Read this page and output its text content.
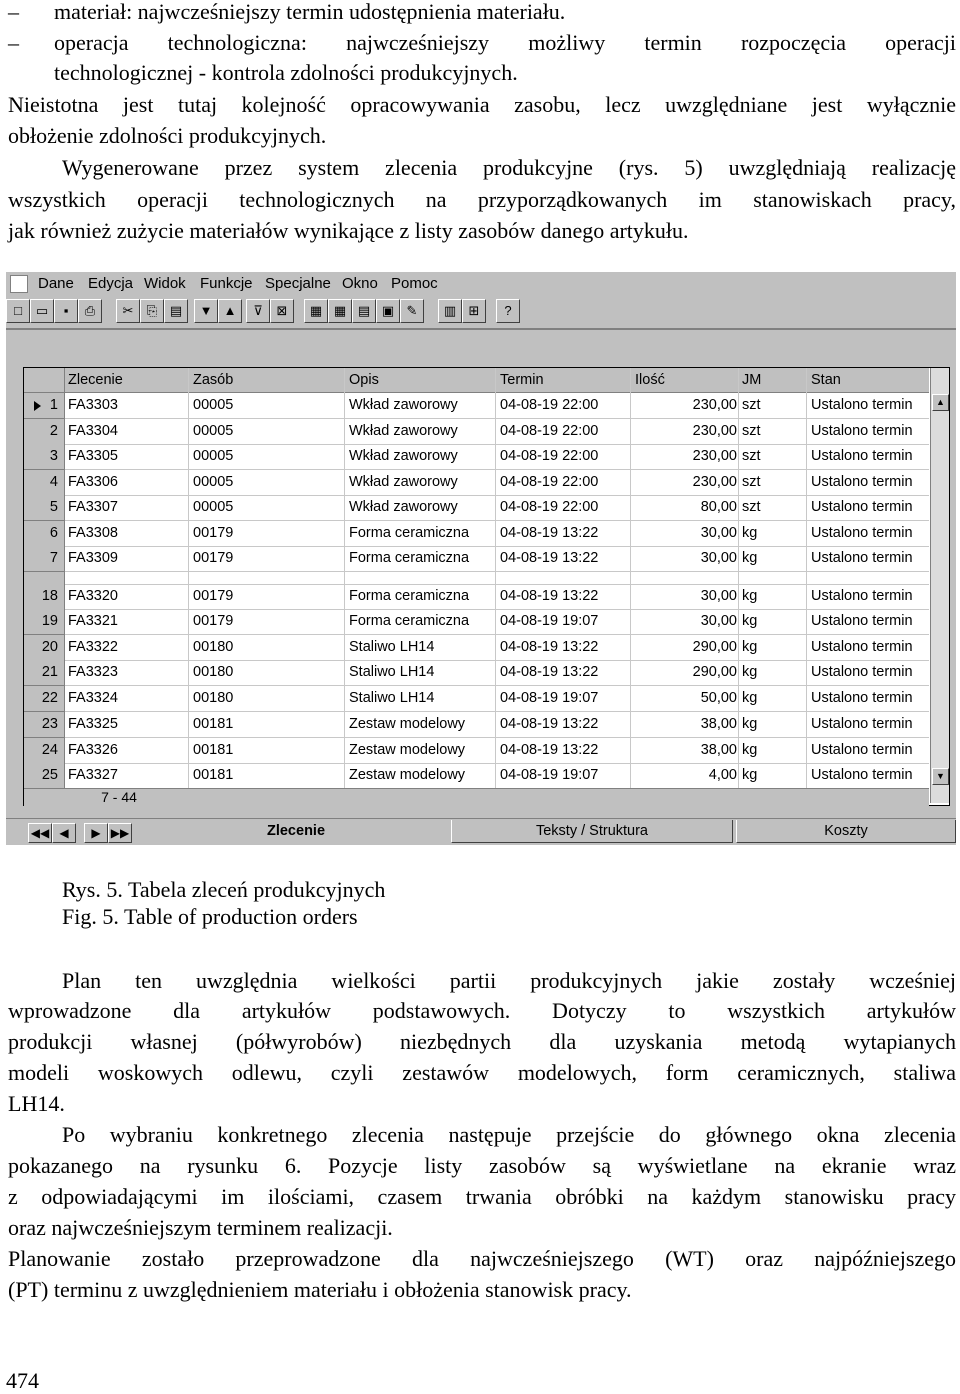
– materiał: najwcześniejszy termin udostępnienia materiału.
– operacja technologiczna: najwcześniejszy możliwy termin rozpoczęcia operacji
technologicznej - kontrola zdolności produkcyjnych.
Nieistotna jest tutaj kolejność opracowywania zasobu, lecz uwzględniane jest wyłącznie
obłożenie zdolności produkcyjnych.
Wygenerowane przez system zlecenia produkcyjne (rys. 5) uwzględniają realizację
wszystkich operacji technologicznych na przyporządkowanych im stanowiskach pracy,
jak również zużycie materiałów wynikające z listy zasobów danego artykułu.
Dane Edycja Widok Funkcje Specjalne Okno Pomoc
□	▭	▪	⎙	✂	⎘ ▤	▼ ▲	⊽	⊠	▦ ▦ ▤ ▣ ✎	▥ ⊞	?
Zlecenie	Zasób	Opis	Termin	Ilość	JM	Stan
1 FA3303	00005	Wkład zaworowy	04-08-19 22:00	230,00 szt	Ustalono termin
2 FA3304	00005	Wkład zaworowy	04-08-19 22:00	230,00 szt	Ustalono termin
3 FA3305	00005	Wkład zaworowy	04-08-19 22:00	230,00 szt	Ustalono termin
4 FA3306	00005	Wkład zaworowy	04-08-19 22:00	230,00 szt	Ustalono termin
5 FA3307	00005	Wkład zaworowy	04-08-19 22:00	80,00 szt	Ustalono termin
6 FA3308	00179	Forma ceramiczna	04-08-19 13:22	30,00 kg	Ustalono termin
7 FA3309	00179	Forma ceramiczna	04-08-19 13:22	30,00 kg	Ustalono termin
18 FA3320	00179	Forma ceramiczna	04-08-19 13:22	30,00 kg	Ustalono termin
19 FA3321	00179	Forma ceramiczna	04-08-19 19:07	30,00 kg	Ustalono termin
20 FA3322	00180	Staliwo LH14	04-08-19 13:22	290,00 kg	Ustalono termin
21 FA3323	00180	Staliwo LH14	04-08-19 13:22	290,00 kg	Ustalono termin
22 FA3324	00180	Staliwo LH14	04-08-19 19:07	50,00 kg	Ustalono termin
23 FA3325	00181	Zestaw modelowy	04-08-19 13:22	38,00 kg	Ustalono termin
24 FA3326	00181	Zestaw modelowy	04-08-19 13:22	38,00 kg	Ustalono termin
25 FA3327	00181	Zestaw modelowy	04-08-19 19:07	4,00 kg	Ustalono termin
▲
▼
7 - 44
◀◀ ◀	▶ ▶▶	Zlecenie	Teksty / Struktura	Koszty
Rys. 5. Tabela zleceń produkcyjnych
Fig. 5. Table of production orders
Plan ten uwzględnia wielkości partii produkcyjnych jakie zostały wcześniej
wprowadzone dla artykułów podstawowych. Dotyczy to wszystkich artykułów
produkcji własnej (półwyrobów) niezbędnych dla uzyskania metodą wytapianych
modeli woskowych odlewu, czyli zestawów modelowych, form ceramicznych, staliwa
LH14.
Po wybraniu konkretnego zlecenia następuje przejście do głównego okna zlecenia
pokazanego na rysunku 6. Pozycje listy zasobów są wyświetlane na ekranie wraz
z odpowiadającymi im ilościami, czasem trwania obróbki na każdym stanowisku pracy
oraz najwcześniejszym terminem realizacji.
Planowanie zostało przeprowadzone dla najwcześniejszego (WT) oraz najpóźniejszego
(PT) terminu z uwzględnieniem materiału i obłożenia stanowisk pracy.
474
